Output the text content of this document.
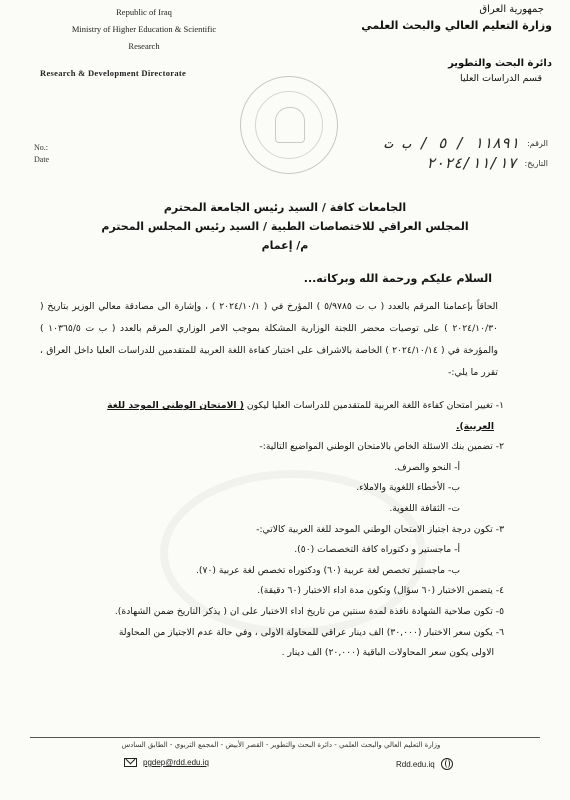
Republic of Iraq
Ministry of Higher Education & Scientific
Research
Research & Development Directorate
جمهورية العراق
وزارة التعليم العالي والبحث العلمي
دائرة البحث والتطوير
قسم الدراسات العليا
No.:
Date
الرقم:
١١٨٩١ / ٥ / ب ت
التاريخ:
٢٠٢٤/١١/١٧
الجامعات كافة / السيد رئيس الجامعة المحترم
المجلس العراقي للاختصاصات الطبية / السيد رئيس المجلس المحترم
م/ إعمام
السلام عليكم ورحمة الله وبركاته...
الحاقاً بإعمامنا المرقم بالعدد ( ب ت ٥/٩٧٨٥ ) المؤرخ في ( ٢٠٢٤/١٠/١ ) ، وإشارة الى مصادقة معالي الوزير بتاريخ ( ٢٠٢٤/١٠/٣٠ ) على توصيات محضر اللجنة الوزارية المشكلة بموجب الامر الوزاري المرقم بالعدد ( ب ت ١٠٣٦٥/٥ ) والمؤرخة في ( ٢٠٢٤/١٠/١٤ ) الخاصة بالاشراف على اختبار كفاءة اللغة العربية للمتقدمين للدراسات العليا داخل العراق ، تقرر ما يلي:-
١- تغيير امتحان كفاءة اللغة العربية للمتقدمين للدراسات العليا ليكون ( الامتحان الوطني الموحد للغة
العربية).
٢- تضمين بنك الاسئلة الخاص بالامتحان الوطني المواضيع التالية:-
أ- النحو والصرف.
ب- الأخطاء اللغوية والاملاء.
ت- الثقافة اللغوية.
٣- تكون درجة اجتياز الامتحان الوطني الموحد للغة العربية كالاتي:-
أ- ماجستير و دكتوراه كافة التخصصات (٥٠).
ب- ماجستير تخصص لغة عربية (٦٠) ودكتوراه تخصص لغة عربية (٧٠).
٤- يتضمن الاختبار (٦٠ سؤال) وتكون مدة اداء الاختبار (٦٠ دقيقة).
٥- تكون صلاحية الشهادة نافذة لمدة سنتين من تاريخ اداء الاختبار على ان ( يذكر التاريخ ضمن الشهادة).
٦- يكون سعر الاختبار (٣٠,٠٠٠) الف دينار عراقي للمحاولة الاولى ، وفي حالة عدم الاجتياز من المحاولة
الاولى يكون سعر المحاولات الباقية (٢٠,٠٠٠) الف دينار .
وزارة التعليم العالي والبحث العلمي - دائرة البحث والتطوير - القصر الأبيض - المجمع التربوي - الطابق السادس
pgdep@rdd.edu.iq	Rdd.edu.iq
